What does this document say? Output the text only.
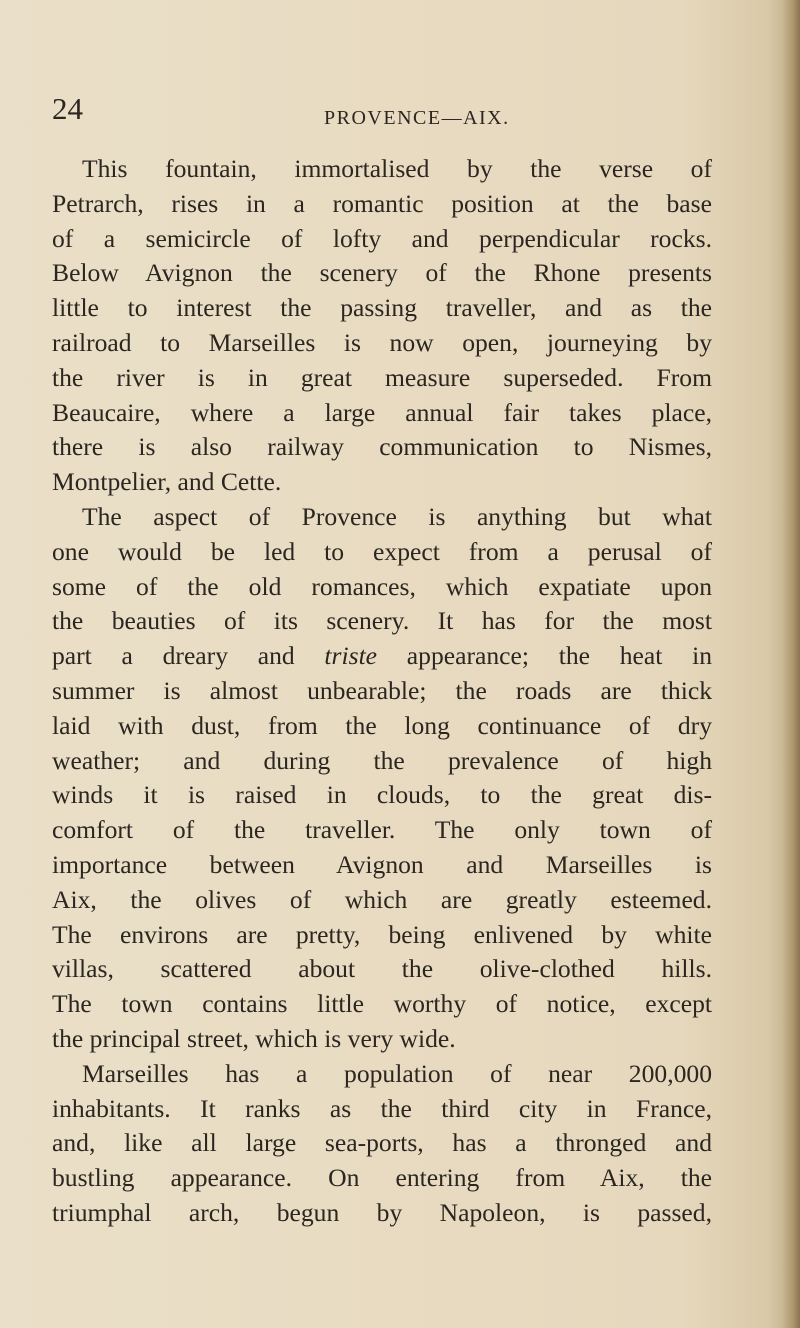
24	PROVENCE—AIX.
This fountain, immortalised by the verse of
Petrarch, rises in a romantic position at the base
of a semicircle of lofty and perpendicular rocks.
Below Avignon the scenery of the Rhone presents
little to interest the passing traveller, and as the
railroad to Marseilles is now open, journeying by
the river is in great measure superseded. From
Beaucaire, where a large annual fair takes place,
there is also railway communication to Nismes,
Montpelier, and Cette.
The aspect of Provence is anything but what
one would be led to expect from a perusal of
some of the old romances, which expatiate upon
the beauties of its scenery. It has for the most
part a dreary and triste appearance; the heat in
summer is almost unbearable; the roads are thick
laid with dust, from the long continuance of dry
weather; and during the prevalence of high
winds it is raised in clouds, to the great dis-
comfort of the traveller. The only town of
importance between Avignon and Marseilles is
Aix, the olives of which are greatly esteemed.
The environs are pretty, being enlivened by white
villas, scattered about the olive-clothed hills.
The town contains little worthy of notice, except
the principal street, which is very wide.
Marseilles has a population of near 200,000
inhabitants. It ranks as the third city in France,
and, like all large sea-ports, has a thronged and
bustling appearance. On entering from Aix, the
triumphal arch, begun by Napoleon, is passed,
